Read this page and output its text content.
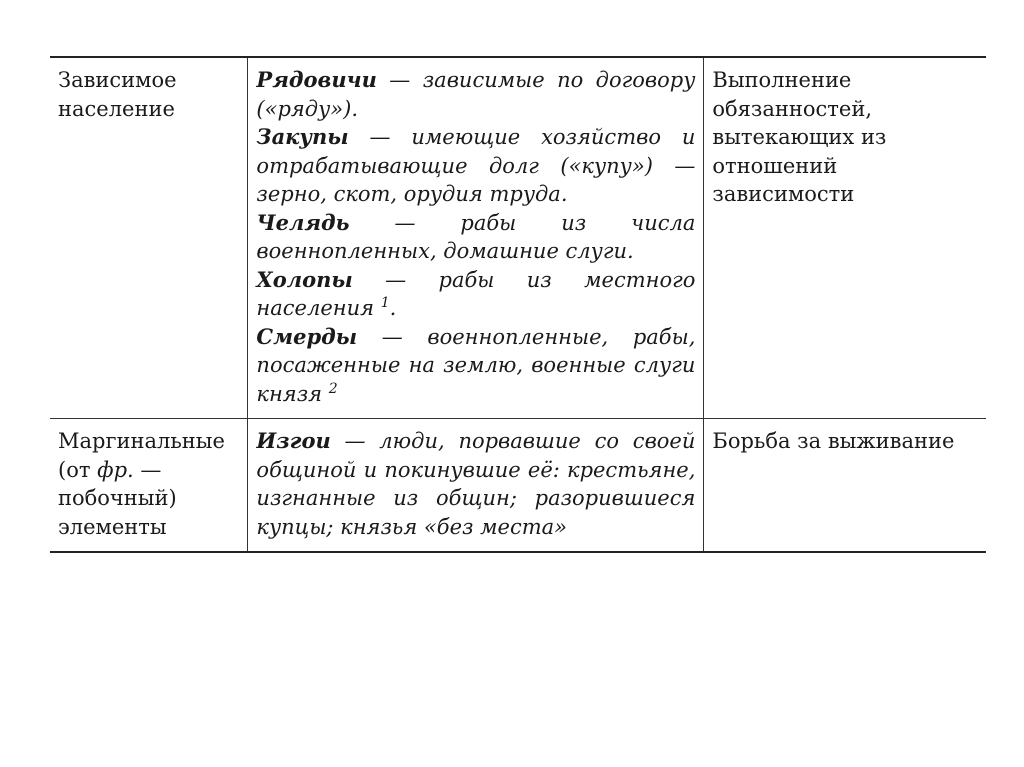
Зависимое население	Рядовичи — зависимые по договору («ряду»).
Закупы — имеющие хозяйство и отрабатывающие долг («купу») — зерно, скот, орудия труда.
Челядь — рабы из числа военнопленных, домашние слуги.
Холопы — рабы из местного населения $^1$.
Смерды — военнопленные, рабы, посаженные на землю, военные слуги князя $^2$	Выполнение обязанностей, вытекающих из отношений зависимости
Маргинальные (от фр. — побочный) элементы	Изгои — люди, порвавшие со своей общиной и покинувшие её: крестьяне, изгнанные из общин; разорившиеся купцы; князья «без места»	Борьба за выживание
